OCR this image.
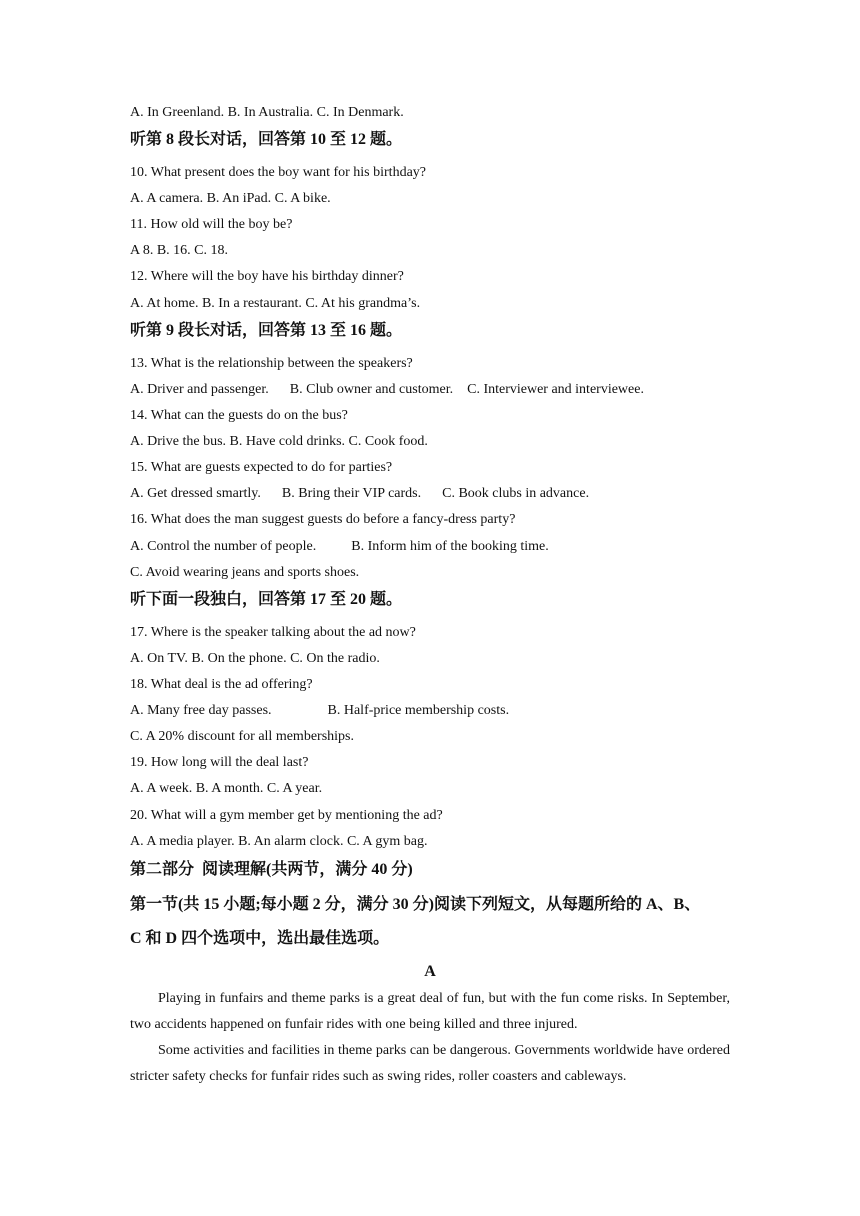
A. In Greenland. B. In Australia. C. In Denmark.
听第 8 段长对话，回答第 10 至 12 题。
10. What present does the boy want for his birthday?
A. A camera. B. An iPad. C. A bike.
11. How old will the boy be?
A 8. B. 16. C. 18.
12. Where will the boy have his birthday dinner?
A. At home. B. In a restaurant. C. At his grandma’s.
听第 9 段长对话，回答第 13 至 16 题。
13. What is the relationship between the speakers?
A. Driver and passenger.      B. Club owner and customer.    C. Interviewer and interviewee.
14. What can the guests do on the bus?
A. Drive the bus. B. Have cold drinks. C. Cook food.
15. What are guests expected to do for parties?
A. Get dressed smartly.      B. Bring their VIP cards.      C. Book clubs in advance.
16. What does the man suggest guests do before a fancy-dress party?
A. Control the number of people.          B. Inform him of the booking time.
C. Avoid wearing jeans and sports shoes.
听下面一段独白，回答第 17 至 20 题。
17. Where is the speaker talking about the ad now?
A. On TV. B. On the phone. C. On the radio.
18. What deal is the ad offering?
A. Many free day passes.                B. Half-price membership costs.
C. A 20% discount for all memberships.
19. How long will the deal last?
A. A week. B. A month. C. A year.
20. What will a gym member get by mentioning the ad?
A. A media player. B. An alarm clock. C. A gym bag.
第二部分  阅读理解(共两节，满分 40 分)
第一节(共 15 小题;每小题 2 分，满分 30 分)阅读下列短文，从每题所给的 A、B、
C 和 D 四个选项中，选出最佳选项。
A
Playing in funfairs and theme parks is a great deal of fun, but with the fun come risks. In September, two accidents happened on funfair rides with one being killed and three injured.
Some activities and facilities in theme parks can be dangerous. Governments worldwide have ordered stricter safety checks for funfair rides such as swing rides, roller coasters and cableways.
